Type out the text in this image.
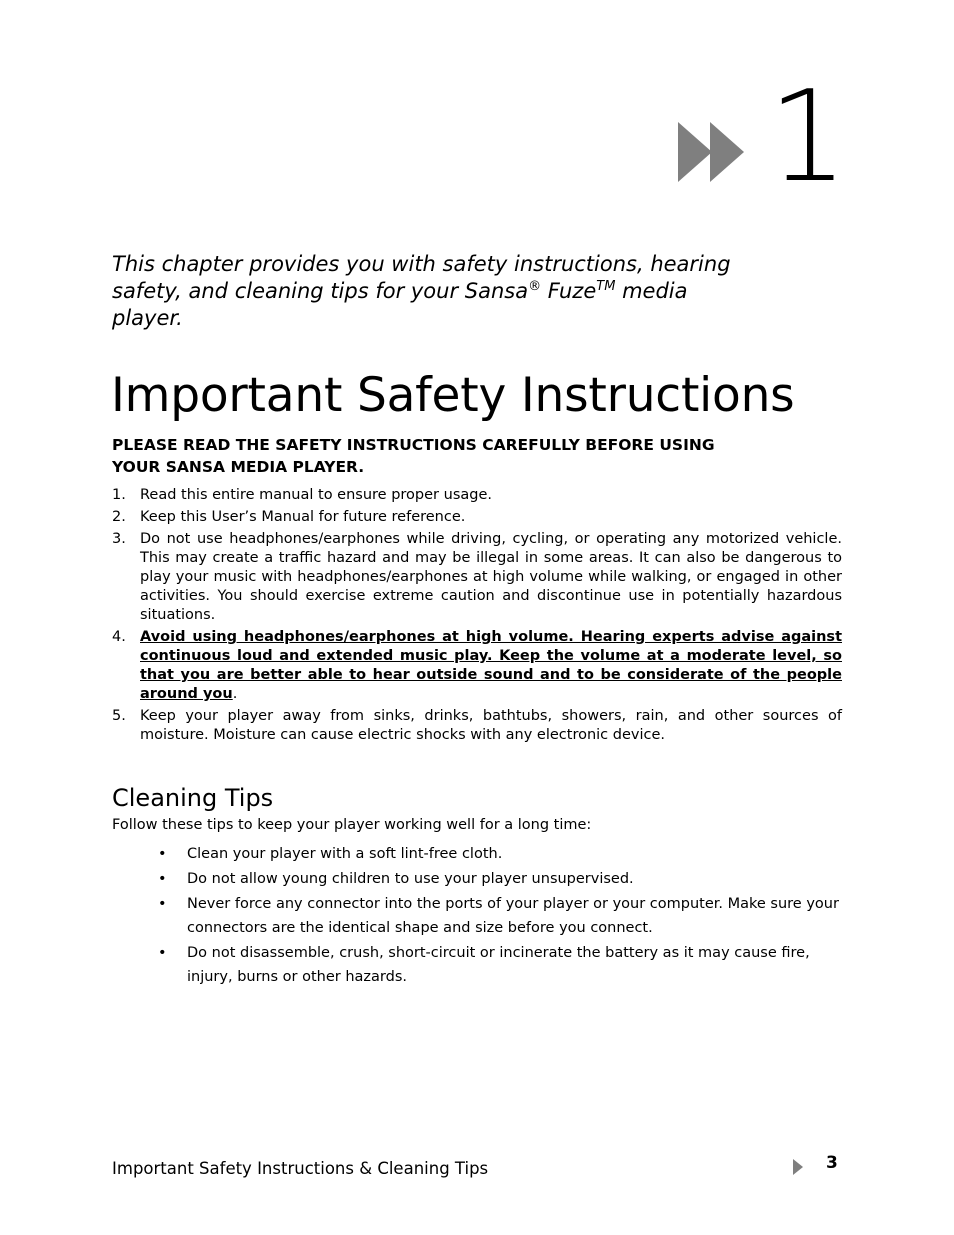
1

This chapter provides you with safety instructions, hearing
safety, and cleaning tips for your Sansa® Fuze™ media
player.

Important Safety Instructions

PLEASE READ THE SAFETY INSTRUCTIONS CAREFULLY BEFORE USING
YOUR SANSA MEDIA PLAYER.

1. Read this entire manual to ensure proper usage.
2. Keep this User’s Manual for future reference.
3. Do not use headphones/earphones while driving, cycling, or operating any motorized vehicle. This may create a traffic hazard and may be illegal in some areas. It can also be dangerous to play your music with headphones/earphones at high volume while walking, or engaged in other activities. You should exercise extreme caution and discontinue use in potentially hazardous situations.
4. Avoid using headphones/earphones at high volume. Hearing experts advise against continuous loud and extended music play. Keep the volume at a moderate level, so that you are better able to hear outside sound and to be considerate of the people around you.
5. Keep your player away from sinks, drinks, bathtubs, showers, rain, and other sources of moisture. Moisture can cause electric shocks with any electronic device.
Cleaning Tips

Follow these tips to keep your player working well for a long time:

• Clean your player with a soft lint-free cloth.
• Do not allow young children to use your player unsupervised.
• Never force any connector into the ports of your player or your computer. Make sure your connectors are the identical shape and size before you connect.
• Do not disassemble, crush, short-circuit or incinerate the battery as it may cause fire, injury, burns or other hazards.

Important Safety Instructions & Cleaning Tips	3
